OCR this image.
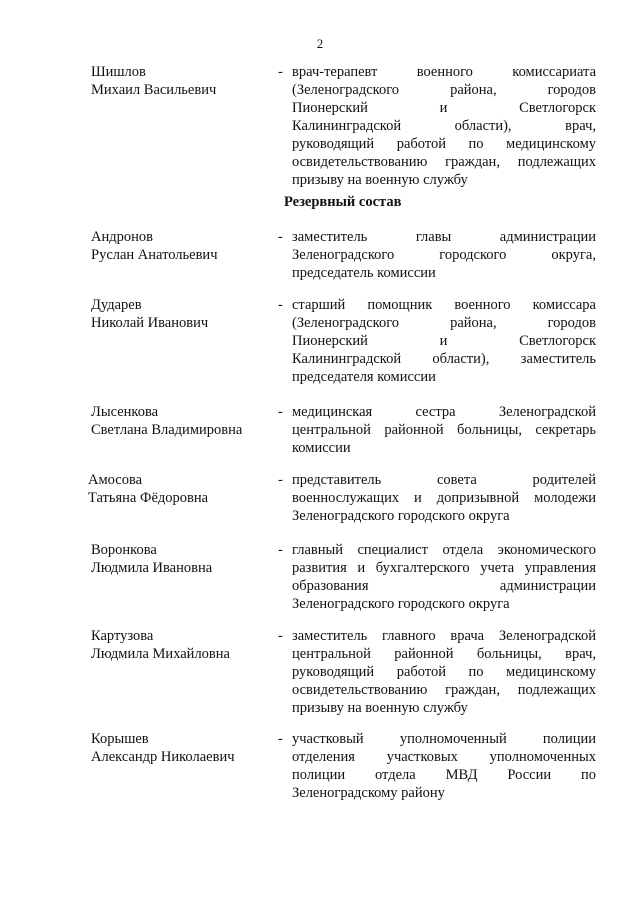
2
Шишлов
Михаил Васильевич
- врач-терапевт военного комиссариата
(Зеленоградского района, городов
Пионерский и Светлогорск
Калининградской области), врач,
руководящий работой по медицинскому
освидетельствованию граждан, подлежащих
призыву на военную службу
Резервный состав
Андронов
Руслан Анатольевич
- заместитель главы администрации
Зеленоградского городского округа,
председатель комиссии
Дударев
Николай Иванович
- старший помощник военного комиссара
(Зеленоградского района, городов
Пионерский и Светлогорск
Калининградской области), заместитель
председателя комиссии
Лысенкова
Светлана Владимировна
- медицинская сестра Зеленоградской
центральной районной больницы, секретарь
комиссии
Амосова
Татьяна Фёдоровна
- представитель совета родителей
военнослужащих и допризывной молодежи
Зеленоградского городского округа
Воронкова
Людмила Ивановна
- главный специалист отдела экономического
развития и бухгалтерского учета управления
образования администрации
Зеленоградского городского округа
Картузова
Людмила Михайловна
- заместитель главного врача Зеленоградской
центральной районной больницы, врач,
руководящий работой по медицинскому
освидетельствованию граждан, подлежащих
призыву на военную службу
Корышев
Александр Николаевич
- участковый уполномоченный полиции
отделения участковых уполномоченных
полиции отдела МВД России по
Зеленоградскому району
